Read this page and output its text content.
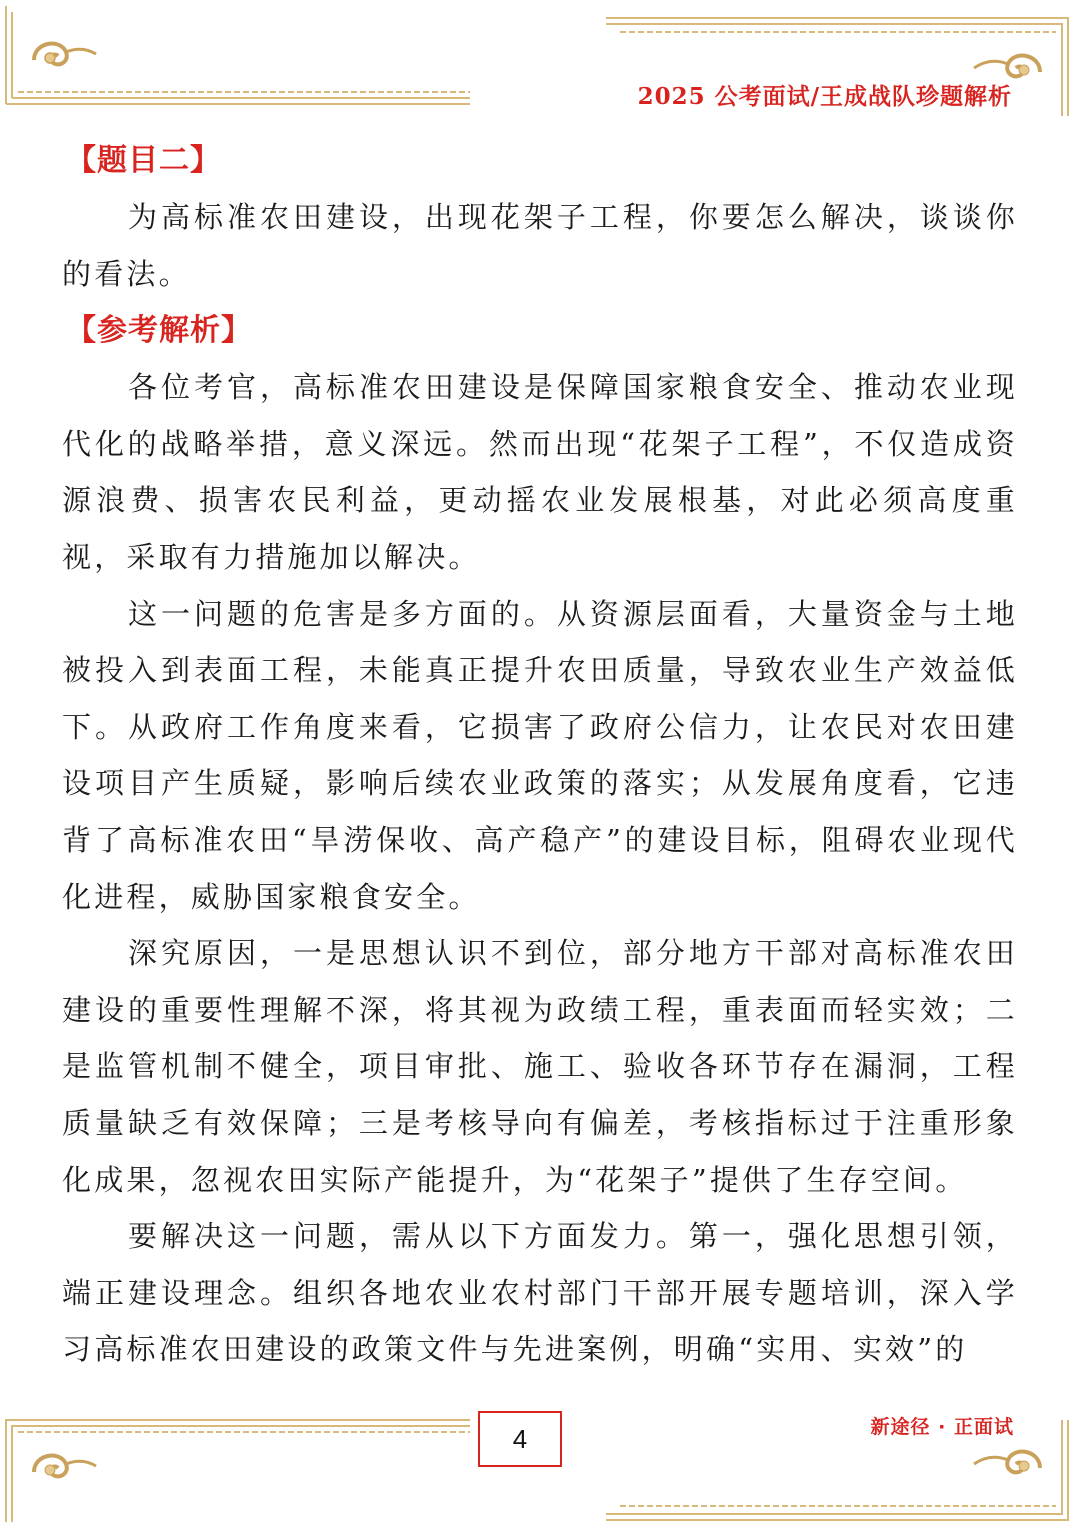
2025 公考面试/王成战队珍题解析
【题目二】

为高标准农田建设，出现花架子工程，你要怎么解决，谈谈你的看法。

【参考解析】

各位考官，高标准农田建设是保障国家粮食安全、推动农业现代化的战略举措，意义深远。然而出现“花架子工程”，不仅造成资源浪费、损害农民利益，更动摇农业发展根基，对此必须高度重视，采取有力措施加以解决。

这一问题的危害是多方面的。从资源层面看，大量资金与土地被投入到表面工程，未能真正提升农田质量，导致农业生产效益低下。从政府工作角度来看，它损害了政府公信力，让农民对农田建设项目产生质疑，影响后续农业政策的落实；从发展角度看，它违背了高标准农田“旱涝保收、高产稳产”的建设目标，阻碍农业现代化进程，威胁国家粮食安全。

深究原因，一是思想认识不到位，部分地方干部对高标准农田建设的重要性理解不深，将其视为政绩工程，重表面而轻实效；二是监管机制不健全，项目审批、施工、验收各环节存在漏洞，工程质量缺乏有效保障；三是考核导向有偏差，考核指标过于注重形象化成果，忽视农田实际产能提升，为“花架子”提供了生存空间。

要解决这一问题，需从以下方面发力。第一，强化思想引领，端正建设理念。组织各地农业农村部门干部开展专题培训，深入学习高标准农田建设的政策文件与先进案例，明确“实用、实效”的

4	新途径 · 正面试
